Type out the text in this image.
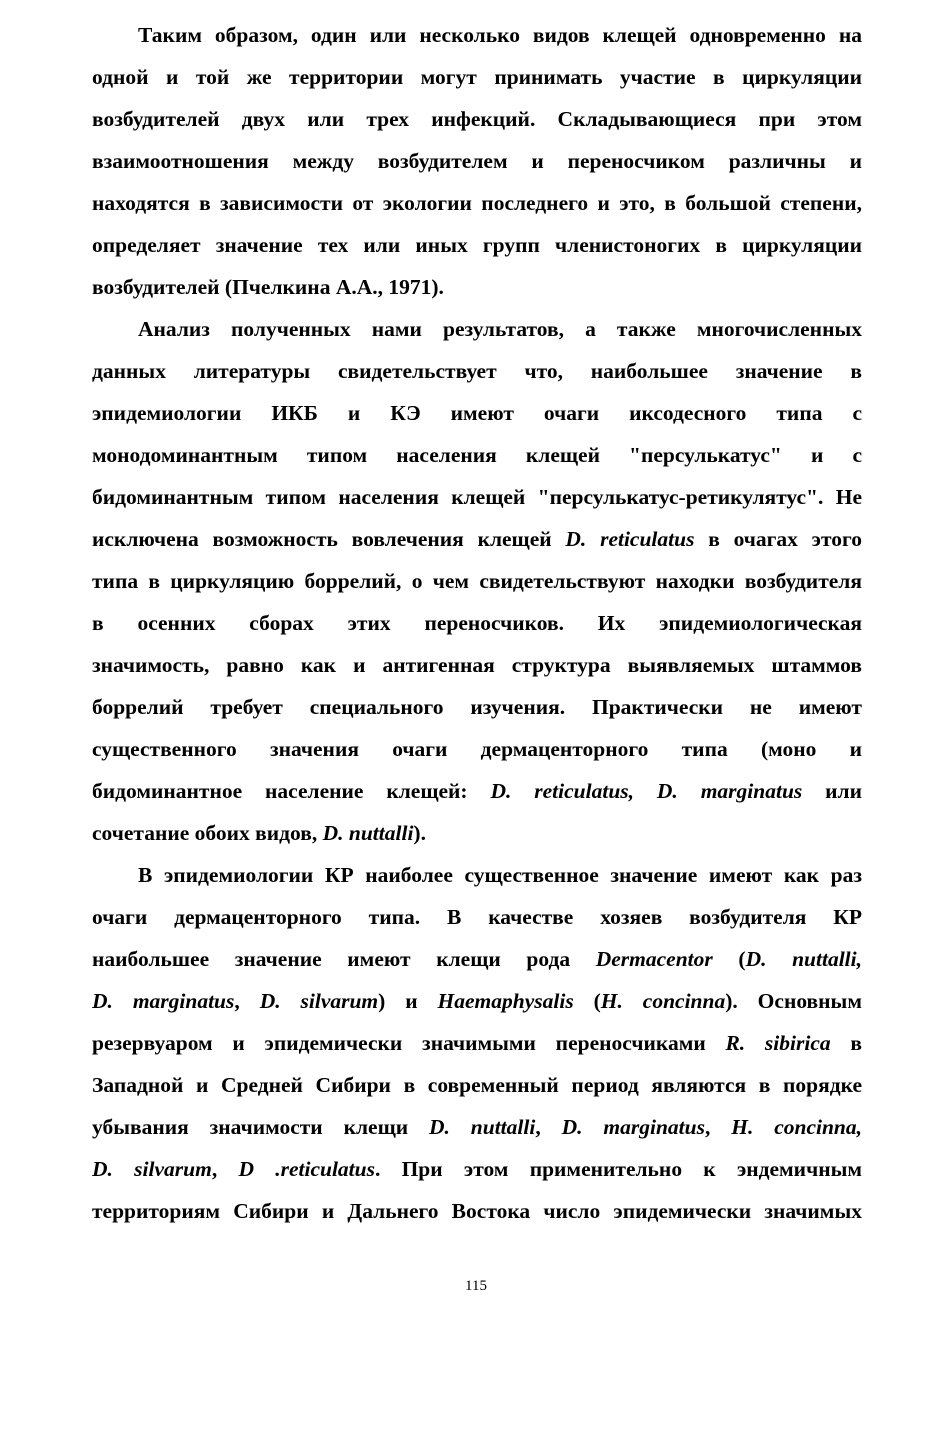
Таким образом, один или несколько видов клещей одновременно на
одной и той же территории могут принимать участие в циркуляции
возбудителей двух или трех инфекций. Складывающиеся при этом
взаимоотношения между возбудителем и переносчиком различны и
находятся в зависимости от экологии последнего и это, в большой степени,
определяет значение тех или иных групп членистоногих в циркуляции
возбудителей (Пчелкина А.А., 1971).
Анализ полученных нами результатов, а также многочисленных
данных литературы свидетельствует что, наибольшее значение в
эпидемиологии ИКБ и КЭ имеют очаги иксодесного типа с
монодоминантным типом населения клещей "персулькатус" и с
бидоминантным типом населения клещей "персулькатус-ретикулятус". Не
исключена возможность вовлечения клещей D. reticulatus в очагах этого
типа в циркуляцию боррелий, о чем свидетельствуют находки возбудителя
в осенних сборах этих переносчиков. Их эпидемиологическая
значимость, равно как и антигенная структура выявляемых штаммов
боррелий требует специального изучения. Практически не имеют
существенного значения очаги дермаценторного типа (моно и
бидоминантное население клещей: D. reticulatus, D. marginatus или
сочетание обоих видов, D. nuttalli).
В эпидемиологии КР наиболее существенное значение имеют как раз
очаги дермаценторного типа. В качестве хозяев возбудителя КР
наибольшее значение имеют клещи рода Dermacentor (D. nuttalli,
D. marginatus, D. silvarum) и Haemaphysalis (H. concinna). Основным
резервуаром и эпидемически значимыми переносчиками R. sibirica в
Западной и Средней Сибири в современный период являются в порядке
убывания значимости клещи D. nuttalli, D. marginatus, H. concinna,
D. silvarum, D .reticulatus. При этом применительно к эндемичным
территориям Сибири и Дальнего Востока число эпидемически значимых
115
